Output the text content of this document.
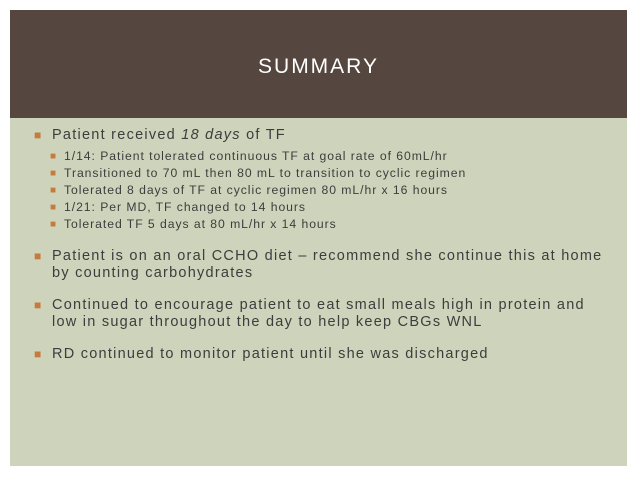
SUMMARY
■ Patient received 18 days of TF
■ 1/14: Patient tolerated continuous TF at goal rate of 60mL/hr
■ Transitioned to 70 mL then 80 mL to transition to cyclic regimen
■ Tolerated 8 days of TF at cyclic regimen 80 mL/hr x 16 hours
■ 1/21: Per MD, TF changed to 14 hours
■ Tolerated TF 5 days at 80 mL/hr x 14 hours
■ Patient is on an oral CCHO diet – recommend she continue this at home by counting carbohydrates
■ Continued to encourage patient to eat small meals high in protein and low in sugar throughout the day to help keep CBGs WNL
■ RD continued to monitor patient until she was discharged
